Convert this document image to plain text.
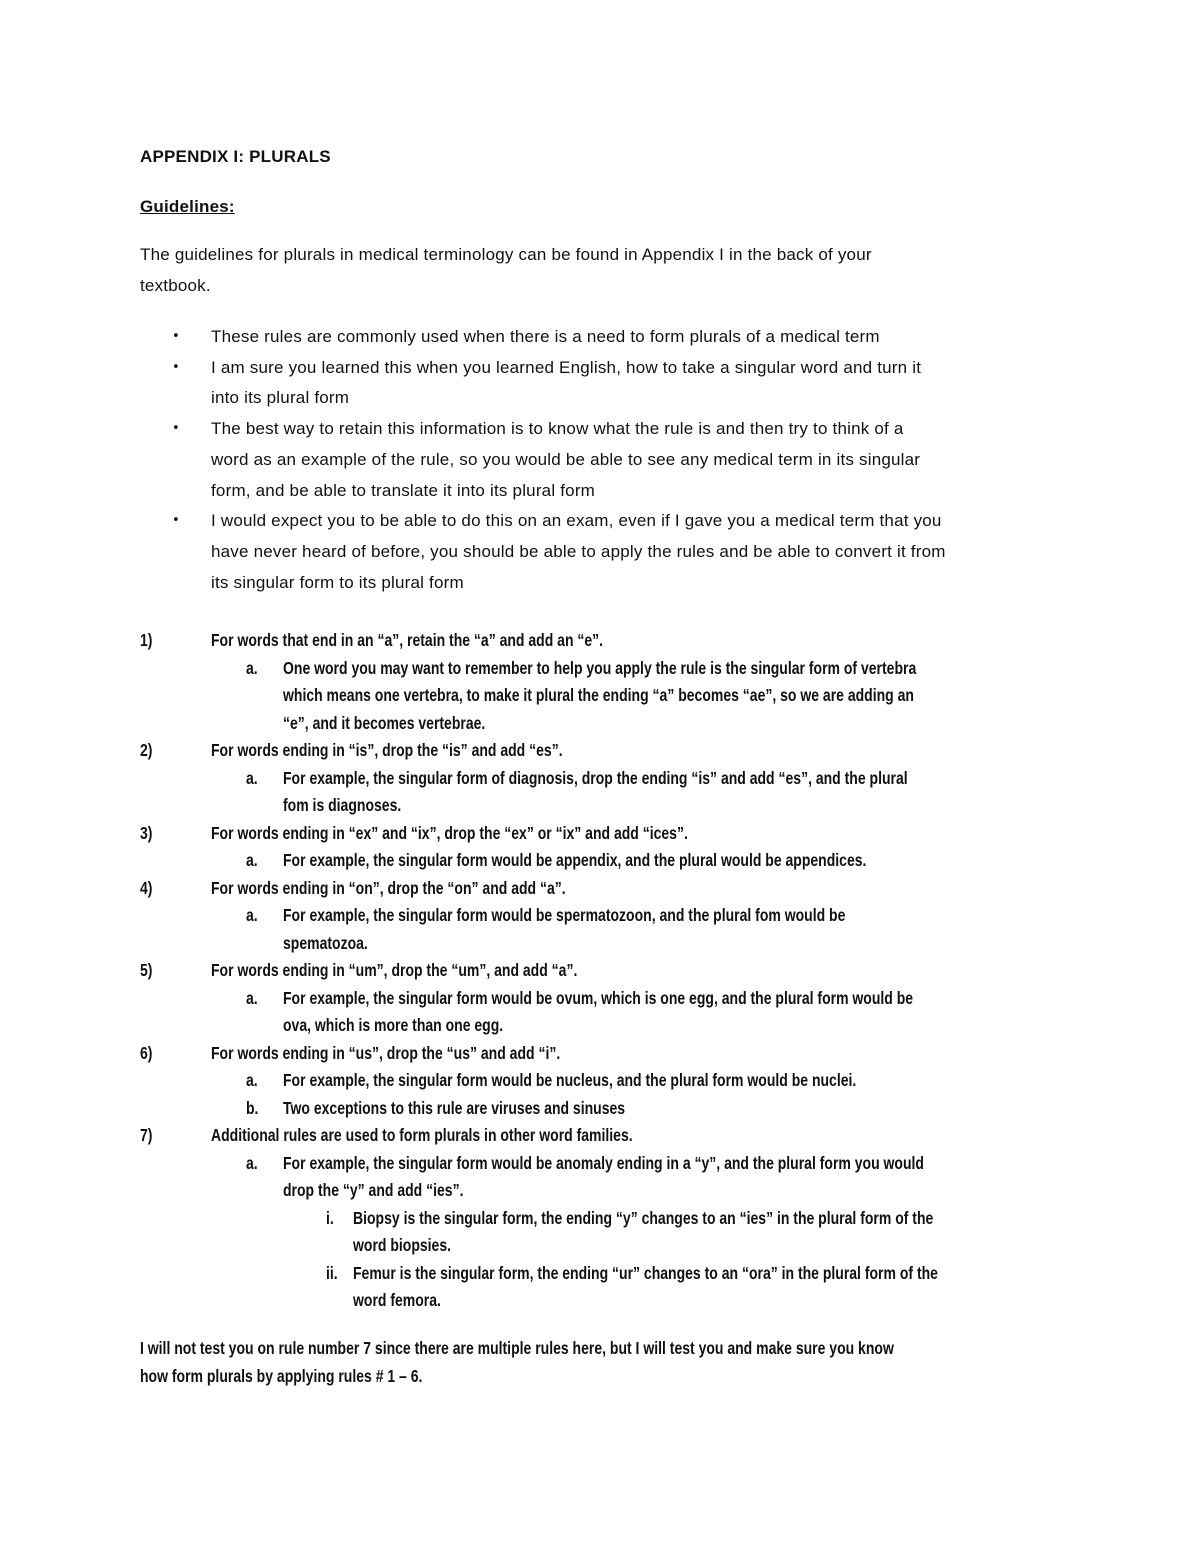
APPENDIX I: PLURALS
Guidelines:
The guidelines for plurals in medical terminology can be found in Appendix I in the back of your
textbook.
• These rules are commonly used when there is a need to form plurals of a medical term
• I am sure you learned this when you learned English, how to take a singular word and turn it
into its plural form
• The best way to retain this information is to know what the rule is and then try to think of a
word as an example of the rule, so you would be able to see any medical term in its singular
form, and be able to translate it into its plural form
• I would expect you to be able to do this on an exam, even if I gave you a medical term that you
have never heard of before, you should be able to apply the rules and be able to convert it from
its singular form to its plural form
1)	For words that end in an “a”, retain the “a” and add an “e”.
a. One word you may want to remember to help you apply the rule is the singular form of vertebra
which means one vertebra, to make it plural the ending “a” becomes “ae”, so we are adding an
“e”, and it becomes vertebrae.
2)	For words ending in “is”, drop the “is” and add “es”.
a. For example, the singular form of diagnosis, drop the ending “is” and add “es”, and the plural
fom is diagnoses.
3)	For words ending in “ex” and “ix”, drop the “ex” or “ix” and add “ices”.
a. For example, the singular form would be appendix, and the plural would be appendices.
4)	For words ending in “on”, drop the “on” and add “a”.
a. For example, the singular form would be spermatozoon, and the plural fom would be
spematozoa.
5)	For words ending in “um”, drop the “um”, and add “a”.
a. For example, the singular form would be ovum, which is one egg, and the plural form would be
ova, which is more than one egg.
6)	For words ending in “us”, drop the “us” and add “i”.
a. For example, the singular form would be nucleus, and the plural form would be nuclei.
b. Two exceptions to this rule are viruses and sinuses
7)	Additional rules are used to form plurals in other word families.
a. For example, the singular form would be anomaly ending in a “y”, and the plural form you would
drop the “y” and add “ies”.
i. Biopsy is the singular form, the ending “y” changes to an “ies” in the plural form of the
word biopsies.
ii. Femur is the singular form, the ending “ur” changes to an “ora” in the plural form of the
word femora.
I will not test you on rule number 7 since there are multiple rules here, but I will test you and make sure you know
how form plurals by applying rules # 1 – 6.
